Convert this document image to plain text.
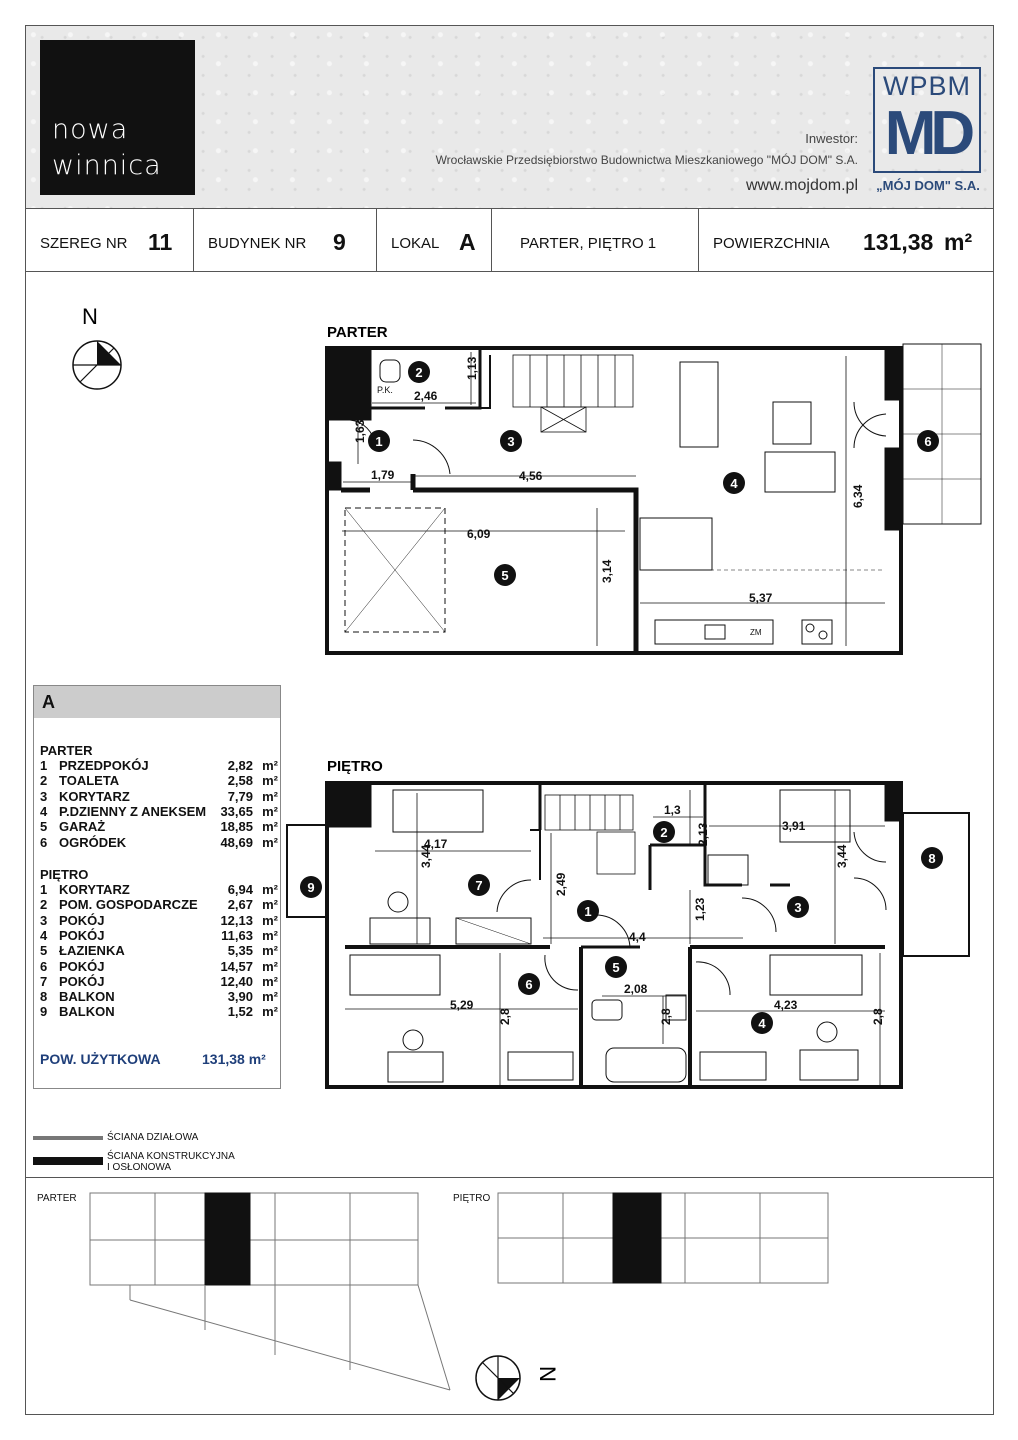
nowa
winnica
Inwestor:
Wrocławskie Przedsiębiorstwo Budownictwa Mieszkaniowego "MÓJ DOM" S.A.
www.mojdom.pl
WPBM
MD
„MÓJ DOM" S.A.
SZEREG NR 11 BUDYNEK NR 9	LOKAL A	PARTER, PIĘTRO 1	POWIERZCHNIA 131,38 m²
N
PARTER
P.K. 2,46
1,13
1,63
1,79	4,56
6,09
3,14
6,34
5,37
ZM
2
1	3
4
5
6
PIĘTRO
1,3
2,13	3,91
4,17
3,44	3,44
2,49
1,23
4,4
2,08
2,8
5,29
2,8
4,23
2,8
1
2
3
4
5
6
7
8
9
N
A
PARTER
1 PRZEDPOKÓJ	2,82 m²
2 TOALETA	2,58 m²
3 KORYTARZ	7,79 m²
4 P.DZIENNY Z ANEKSEM 33,65 m²
5 GARAŻ	18,85 m²
6 OGRÓDEK	48,69 m²
PIĘTRO
1 KORYTARZ	6,94 m²
2 POM. GOSPODARCZE 2,67 m²
3 POKÓJ	12,13 m²
4 POKÓJ	11,63 m²
5 ŁAZIENKA	5,35 m²
6 POKÓJ	14,57 m²
7 POKÓJ	12,40 m²
8 BALKON	3,90 m²
9 BALKON	1,52 m²
POW. UŻYTKOWA	131,38 m²
ŚCIANA DZIAŁOWA
ŚCIANA KONSTRUKCYJNA
I OSŁONOWA
PARTER	PIĘTRO
